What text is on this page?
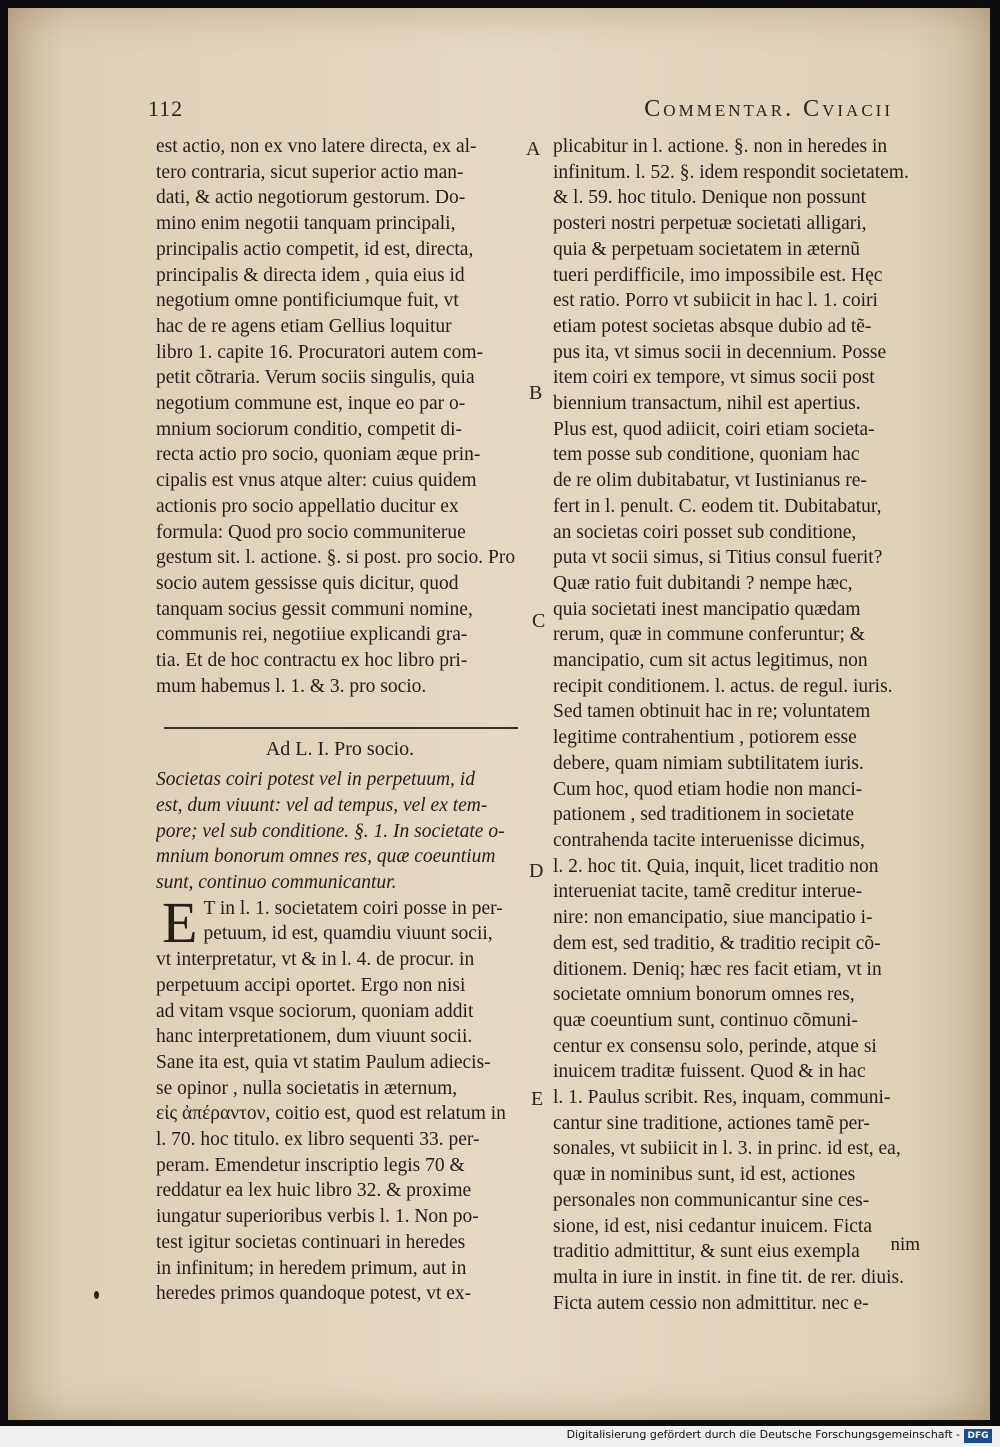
112	Commentar. Cviacii

est actio, non ex vno latere directa, ex al-
tero contraria, sicut superior actio man-
dati, & actio negotiorum gestorum. Do-
mino enim negotii tanquam principali,
principalis actio competit, id est, directa,
principalis & directa idem , quia eius id
negotium omne pontificiumque fuit, vt
hac de re agens etiam Gellius loquitur
libro 1. capite 16. Procuratori autem com-
petit cõtraria. Verum sociis singulis, quia
negotium commune est, inque eo par o-
mnium sociorum conditio, competit di-
recta actio pro socio, quoniam æque prin-
cipalis est vnus atque alter: cuius quidem
actionis pro socio appellatio ducitur ex
formula: Quod pro socio communiterue
gestum sit. l. actione. §. si post. pro socio. Pro
socio autem gessisse quis dicitur, quod
tanquam socius gessit communi nomine,
communis rei, negotiiue explicandi gra-
tia. Et de hoc contractu ex hoc libro pri-
mum habemus l. 1. & 3. pro socio.

Ad L. I. Pro socio.

Societas coiri potest vel in perpetuum, id
est, dum viuunt: vel ad tempus, vel ex tem-
pore; vel sub conditione. §. 1. In societate o-
mnium bonorum omnes res, quæ coeuntium
sunt, continuo communicantur.

E T in l. 1. societatem coiri posse in per-
petuum, id est, quamdiu viuunt socii,
vt interpretatur, vt & in l. 4. de procur. in
perpetuum accipi oportet. Ergo non nisi
ad vitam vsque sociorum, quoniam addit
hanc interpretationem, dum viuunt socii.
Sane ita est, quia vt statim Paulum adiecis-
se opinor , nulla societatis in æternum,
εἰς ἀπέραντον, coitio est, quod est relatum in
l. 70. hoc titulo. ex libro sequenti 33. per-
peram. Emendetur inscriptio legis 70 &
reddatur ea lex huic libro 32. & proxime
iungatur superioribus verbis l. 1. Non po-
test igitur societas continuari in heredes
in infinitum; in heredem primum, aut in
heredes primos quandoque potest, vt ex-

plicabitur in l. actione. §. non in heredes in
infinitum. l. 52. §. idem respondit societatem.
& l. 59. hoc titulo. Denique non possunt
posteri nostri perpetuæ societati alligari,
quia & perpetuam societatem in æternũ
tueri perdifficile, imo impossibile est. Hęc
est ratio. Porro vt subiicit in hac l. 1. coiri
etiam potest societas absque dubio ad tẽ-
pus ita, vt simus socii in decennium. Posse
item coiri ex tempore, vt simus socii post
biennium transactum, nihil est apertius.
Plus est, quod adiicit, coiri etiam societa-
tem posse sub conditione, quoniam hac
de re olim dubitabatur, vt Iustinianus re-
fert in l. penult. C. eodem tit. Dubitabatur,
an societas coiri posset sub conditione,
puta vt socii simus, si Titius consul fuerit?
Quæ ratio fuit dubitandi ? nempe hæc,
quia societati inest mancipatio quædam
rerum, quæ in commune conferuntur; &
mancipatio, cum sit actus legitimus, non
recipit conditionem. l. actus. de regul. iuris.
Sed tamen obtinuit hac in re; voluntatem
legitime contrahentium , potiorem esse
debere, quam nimiam subtilitatem iuris.
Cum hoc, quod etiam hodie non manci-
pationem , sed traditionem in societate
contrahenda tacite interuenisse dicimus,
l. 2. hoc tit. Quia, inquit, licet traditio non
interueniat tacite, tamẽ creditur interue-
nire: non emancipatio, siue mancipatio i-
dem est, sed traditio, & traditio recipit cõ-
ditionem. Deniq; hæc res facit etiam, vt in
societate omnium bonorum omnes res,
quæ coeuntium sunt, continuo cõmuni-
centur ex consensu solo, perinde, atque si
inuicem traditæ fuissent. Quod & in hac
l. 1. Paulus scribit. Res, inquam, communi-
cantur sine traditione, actiones tamẽ per-
sonales, vt subiicit in l. 3. in princ. id est, ea,
quæ in nominibus sunt, id est, actiones
personales non communicantur sine ces-
sione, id est, nisi cedantur inuicem. Ficta
traditio admittitur, & sunt eius exempla
multa in iure in instit. in fine tit. de rer. diuis.
Ficta autem cessio non admittitur. nec e-

A
B
C
D
E
nim
Digitalisierung gefördert durch die Deutsche Forschungsgemeinschaft - DFG
